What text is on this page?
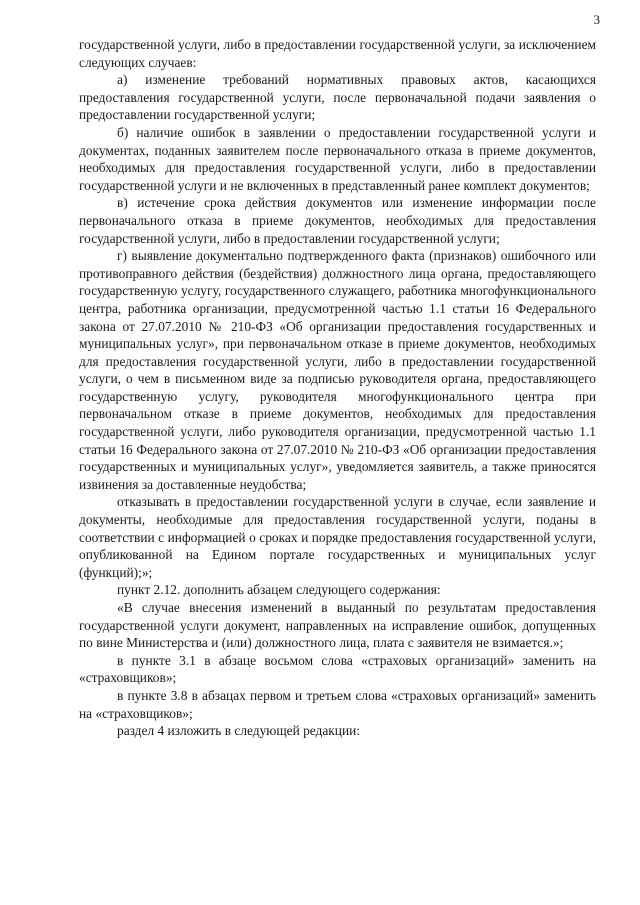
3

государственной услуги, либо в предоставлении государственной услуги, за исключением следующих случаев:

а) изменение требований нормативных правовых актов, касающихся предоставления государственной услуги, после первоначальной подачи заявления о предоставлении государственной услуги;

б) наличие ошибок в заявлении о предоставлении государственной услуги и документах, поданных заявителем после первоначального отказа в приеме документов, необходимых для предоставления государственной услуги, либо в предоставлении государственной услуги и не включенных в представленный ранее комплект документов;

в) истечение срока действия документов или изменение информации после первоначального отказа в приеме документов, необходимых для предоставления государственной услуги, либо в предоставлении государственной услуги;

г) выявление документально подтвержденного факта (признаков) ошибочного или противоправного действия (бездействия) должностного лица органа, предоставляющего государственную услугу, государственного служащего, работника многофункционального центра, работника организации, предусмотренной частью 1.1 статьи 16 Федерального закона от 27.07.2010 № 210-ФЗ «Об организации предоставления государственных и муниципальных услуг», при первоначальном отказе в приеме документов, необходимых для предоставления государственной услуги, либо в предоставлении государственной услуги, о чем в письменном виде за подписью руководителя органа, предоставляющего государственную услугу, руководителя многофункционального центра при первоначальном отказе в приеме документов, необходимых для предоставления государственной услуги, либо руководителя организации, предусмотренной частью 1.1 статьи 16 Федерального закона от 27.07.2010 № 210-ФЗ «Об организации предоставления государственных и муниципальных услуг», уведомляется заявитель, а также приносятся извинения за доставленные неудобства;

отказывать в предоставлении государственной услуги в случае, если заявление и документы, необходимые для предоставления государственной услуги, поданы в соответствии с информацией о сроках и порядке предоставления государственной услуги, опубликованной на Едином портале государственных и муниципальных услуг (функций);»;

пункт 2.12. дополнить абзацем следующего содержания:

«В случае внесения изменений в выданный по результатам предоставления государственной услуги документ, направленных на исправление ошибок, допущенных по вине Министерства и (или) должностного лица, плата с заявителя не взимается.»;

в пункте 3.1 в абзаце восьмом слова «страховых организаций» заменить на «страховщиков»;

в пункте 3.8 в абзацах первом и третьем слова «страховых организаций» заменить на «страховщиков»;

раздел 4 изложить в следующей редакции:
